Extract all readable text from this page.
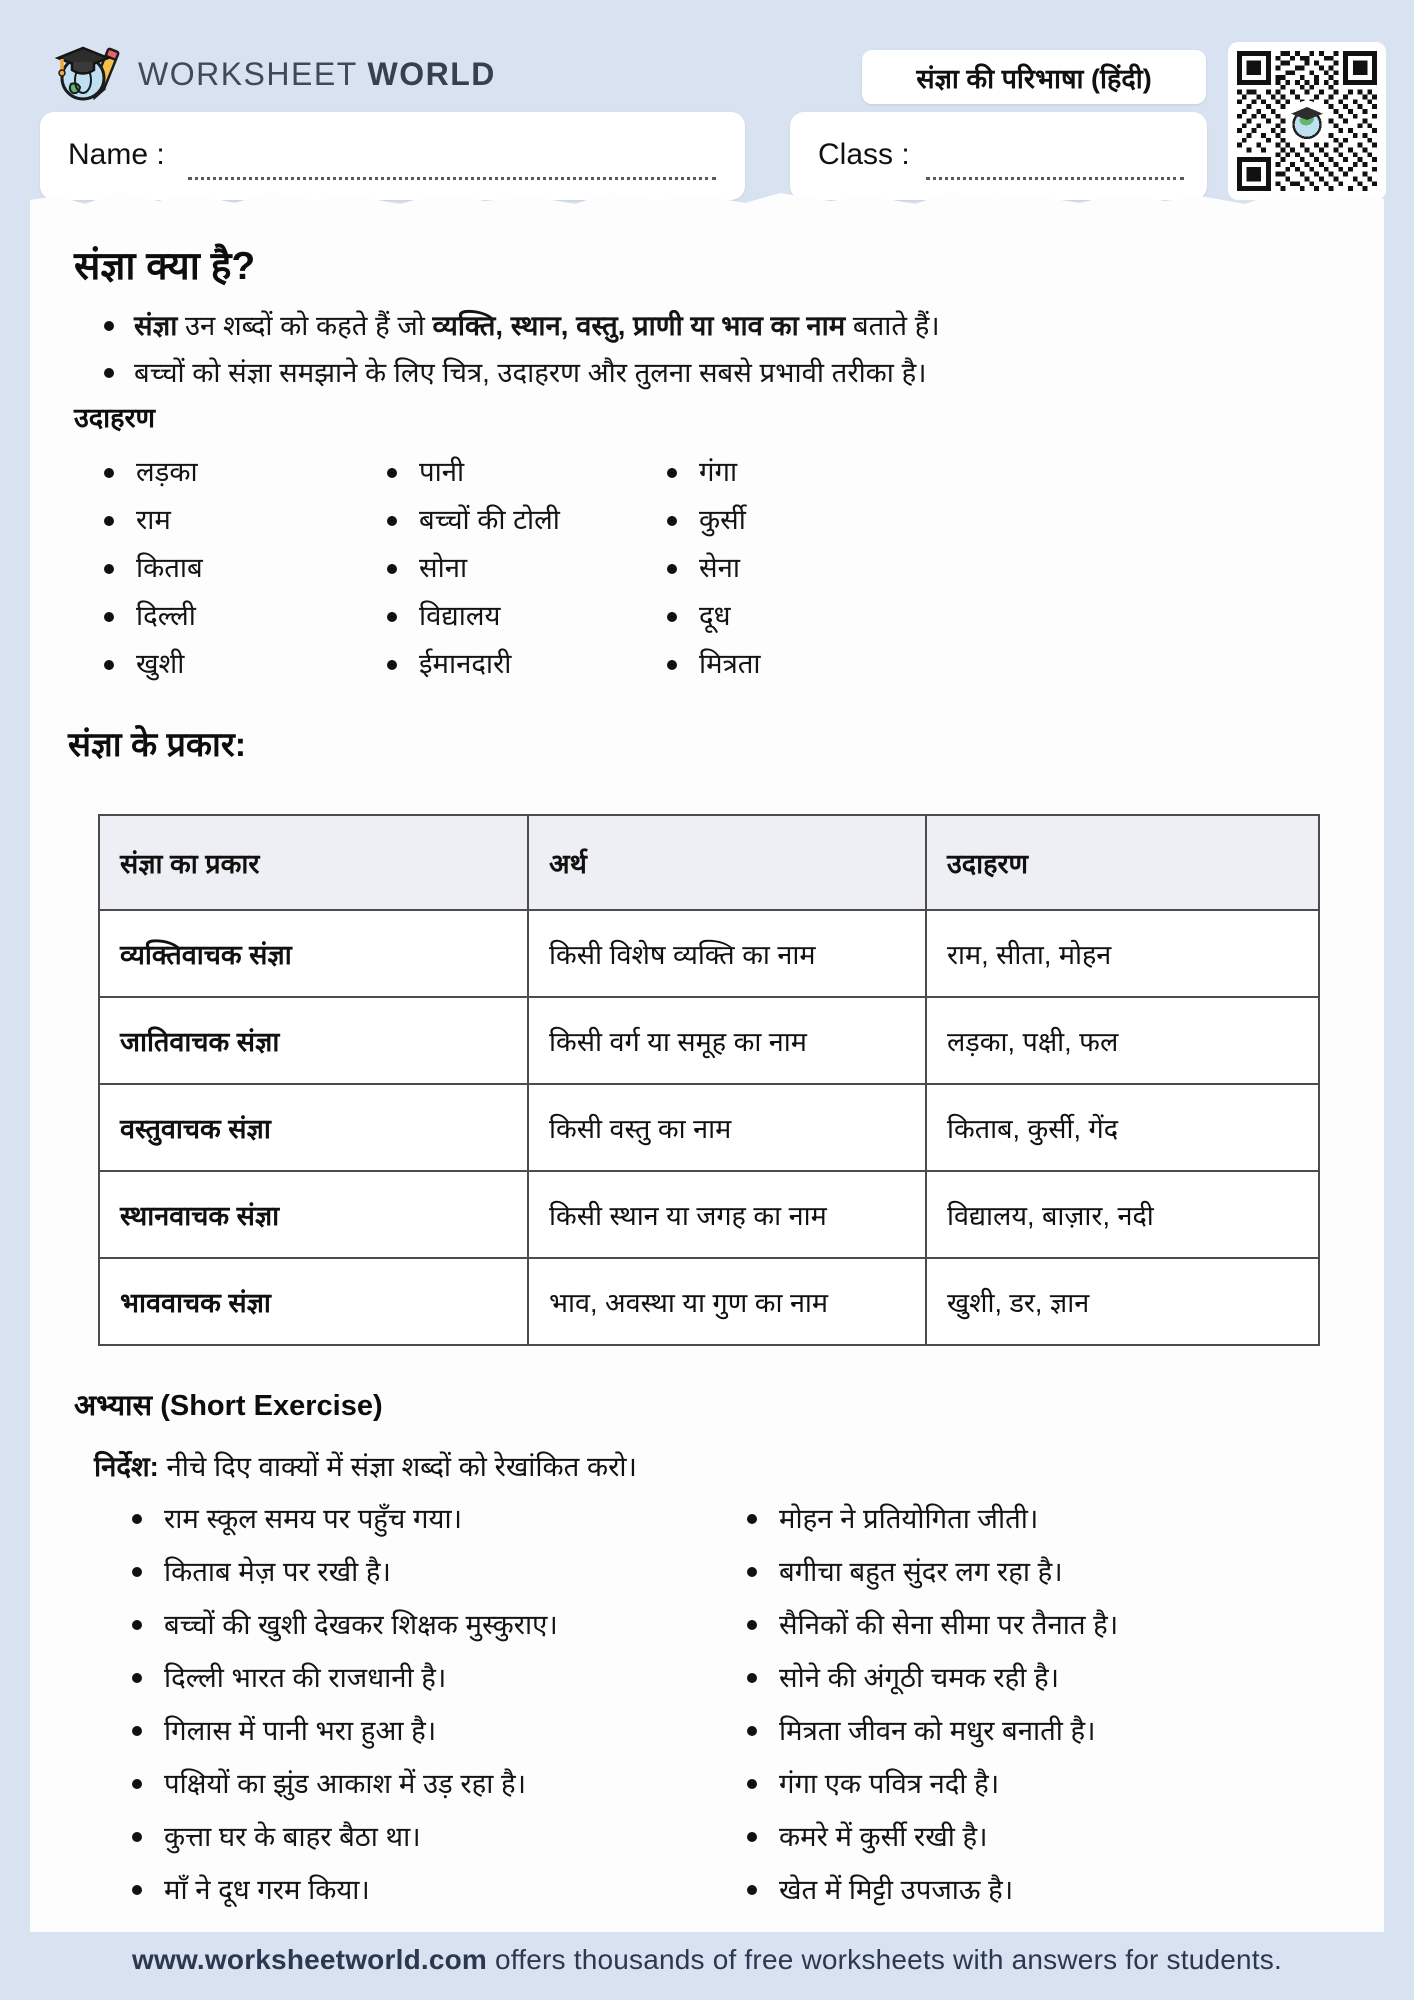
WORKSHEET WORLD	संज्ञा की परिभाषा (हिंदी)
Name :	Class :
संज्ञा क्या है?
संज्ञा उन शब्दों को कहते हैं जो व्यक्ति, स्थान, वस्तु, प्राणी या भाव का नाम बताते हैं।
बच्चों को संज्ञा समझाने के लिए चित्र, उदाहरण और तुलना सबसे प्रभावी तरीका है।
उदाहरण
लड़का
राम
किताब
दिल्ली
खुशी
पानी
बच्चों की टोली
सोना
विद्यालय
ईमानदारी
गंगा
कुर्सी
सेना
दूध
मित्रता
संज्ञा के प्रकार:
संज्ञा का प्रकार	अर्थ	उदाहरण
व्यक्तिवाचक संज्ञा	किसी विशेष व्यक्ति का नाम	राम, सीता, मोहन
जातिवाचक संज्ञा	किसी वर्ग या समूह का नाम	लड़का, पक्षी, फल
वस्तुवाचक संज्ञा	किसी वस्तु का नाम	किताब, कुर्सी, गेंद
स्थानवाचक संज्ञा	किसी स्थान या जगह का नाम	विद्यालय, बाज़ार, नदी
भाववाचक संज्ञा	भाव, अवस्था या गुण का नाम	खुशी, डर, ज्ञान
अभ्यास (Short Exercise)
निर्देश: नीचे दिए वाक्यों में संज्ञा शब्दों को रेखांकित करो।
राम स्कूल समय पर पहुँच गया।
किताब मेज़ पर रखी है।
बच्चों की खुशी देखकर शिक्षक मुस्कुराए।
दिल्ली भारत की राजधानी है।
गिलास में पानी भरा हुआ है।
पक्षियों का झुंड आकाश में उड़ रहा है।
कुत्ता घर के बाहर बैठा था।
माँ ने दूध गरम किया।
मोहन ने प्रतियोगिता जीती।
बगीचा बहुत सुंदर लग रहा है।
सैनिकों की सेना सीमा पर तैनात है।
सोने की अंगूठी चमक रही है।
मित्रता जीवन को मधुर बनाती है।
गंगा एक पवित्र नदी है।
कमरे में कुर्सी रखी है।
खेत में मिट्टी उपजाऊ है।
www.worksheetworld.com offers thousands of free worksheets with answers for students.
